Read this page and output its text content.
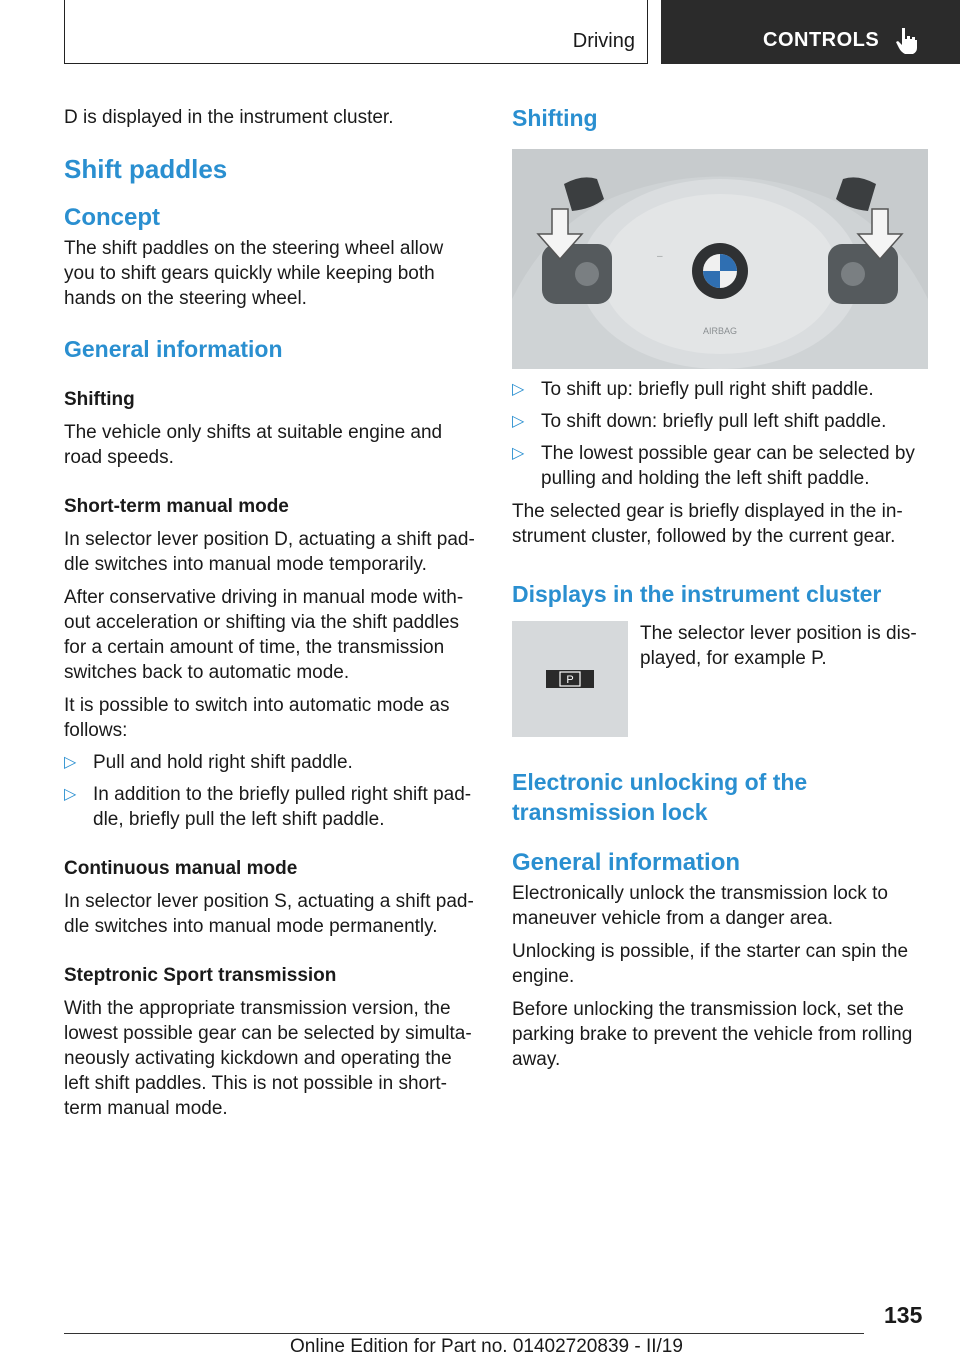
Driving	CONTROLS

D is displayed in the instrument cluster.

Shift paddles
Concept

The shift paddles on the steering wheel allow you to shift gears quickly while keeping both hands on the steering wheel.

General information
Shifting

The vehicle only shifts at suitable engine and road speeds.

Short-term manual mode

In selector lever position D, actuating a shift pad‐dle switches into manual mode temporarily.

After conservative driving in manual mode with‐out acceleration or shifting via the shift paddles for a certain amount of time, the transmission switches back to automatic mode.

It is possible to switch into automatic mode as follows:

▷ Pull and hold right shift paddle.
▷ In addition to the briefly pulled right shift pad‐dle, briefly pull the left shift paddle.
Continuous manual mode

In selector lever position S, actuating a shift pad‐dle switches into manual mode permanently.

Steptronic Sport transmission

With the appropriate transmission version, the lowest possible gear can be selected by simulta‐neously activating kickdown and operating the left shift paddles. This is not possible in short-term manual mode.

Shifting
AIRBAG
–
▷ To shift up: briefly pull right shift paddle.
▷ To shift down: briefly pull left shift paddle.
▷ The lowest possible gear can be selected by pulling and holding the left shift paddle.

The selected gear is briefly displayed in the in‐strument cluster, followed by the current gear.

Displays in the instrument cluster
P

The selector lever position is dis‐played, for example P.

Electronic unlocking of the transmission lock
General information

Electronically unlock the transmission lock to maneuver vehicle from a danger area.

Unlocking is possible, if the starter can spin the engine.

Before unlocking the transmission lock, set the parking brake to prevent the vehicle from rolling away.

135
Online Edition for Part no. 01402720839 - II/19
